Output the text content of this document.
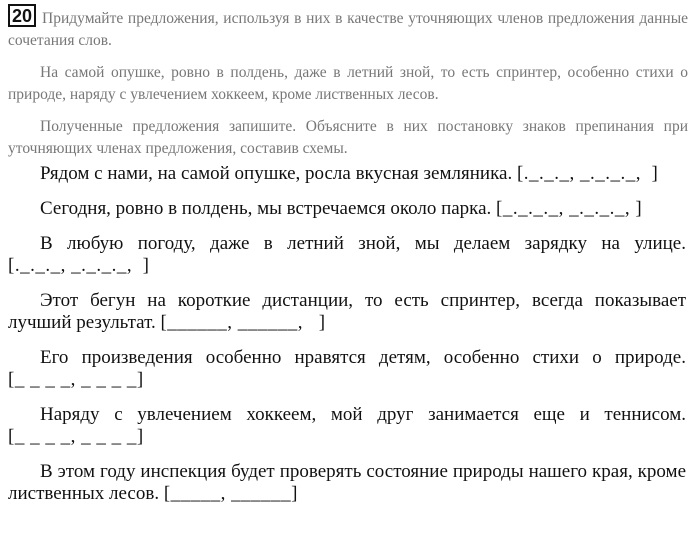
20 Придумайте предложения, используя в них в качестве уточняющих членов предложения данные сочетания слов.

На самой опушке, ровно в полдень, даже в летний зной, то есть спринтер, особенно стихи о природе, наряду с увлечением хоккеем, кроме лиственных лесов.

Полученные предложения запишите. Объясните в них постановку знаков препинания при уточняющих членах предложения, составив схемы.

Рядом с нами, на самой опушке, росла вкусная земляника. [._._._, _._._._,  ]

Сегодня, ровно в полдень, мы встречаемся около парка. [_._._._, _._._._, ]

В любую погоду, даже в летний зной, мы делаем зарядку на улице. [._._._, _._._._,  ]

Этот бегун на короткие дистанции, то есть спринтер, всегда показывает лучший результат. [______, ______,   ]

Его произведения особенно нравятся детям, особенно стихи о природе. [_ _ _ _, _ _ _ _]

Наряду с увлечением хоккеем, мой друг занимается еще и теннисом. [_ _ _ _, _ _ _ _]

В этом году инспекция будет проверять состояние природы нашего края, кроме лиственных лесов. [_____, ______]
